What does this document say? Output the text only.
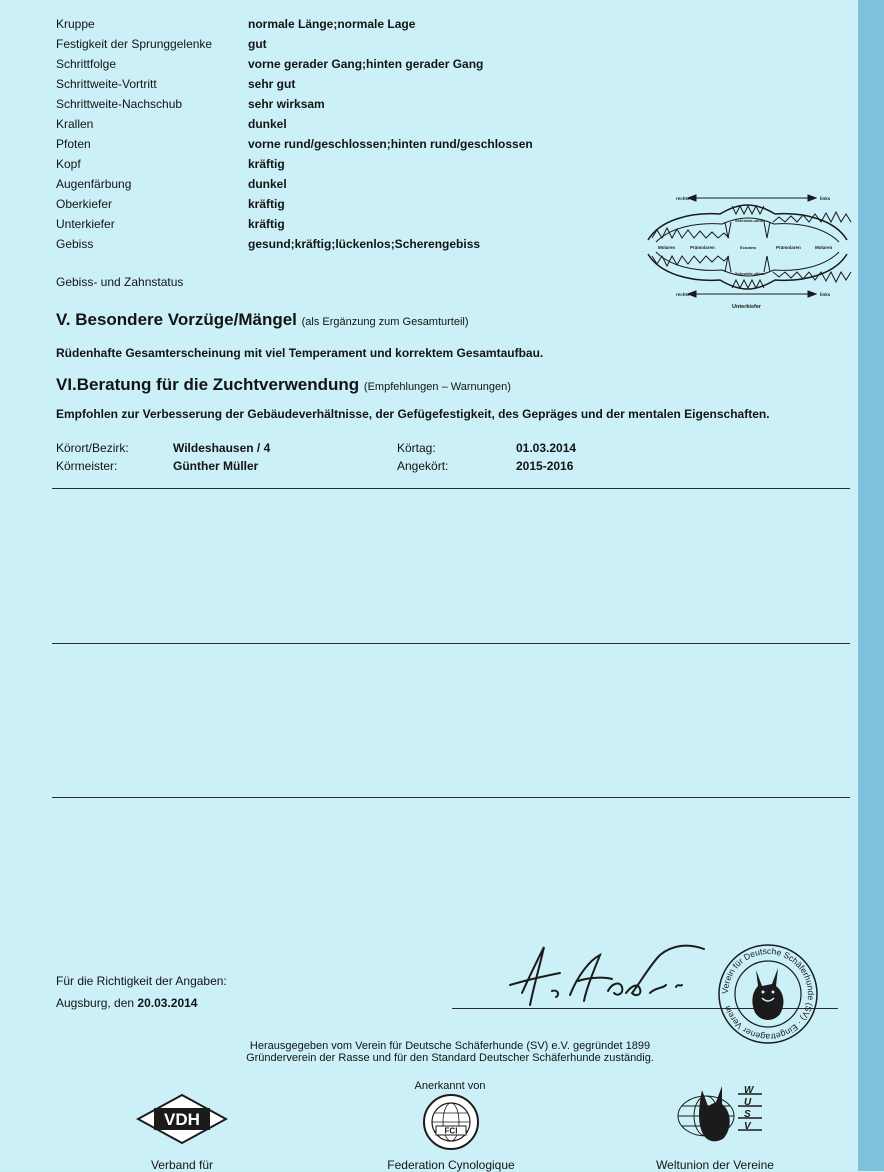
Kruppe	normale Länge;normale Lage
Festigkeit der Sprunggelenke	gut
Schrittfolge	vorne gerader Gang;hinten gerader Gang
Schrittweite-Vortritt	sehr gut
Schrittweite-Nachschub	sehr wirksam
Krallen	dunkel
Pfoten	vorne rund/geschlossen;hinten rund/geschlossen
Kopf	kräftig
Augenfärbung	dunkel
Oberkiefer	kräftig
Unterkiefer	kräftig
Gebiss	gesund;kräftig;lückenlos;Scherengebiss
Gebiss- und Zahnstatus
rechts	links
rechts	links
Molaren	Prämolaren	Prämolaren	Molaren
Schneide-zähne
Schneide-zähne
Eckzahn
Unterkiefer
V. Besondere Vorzüge/Mängel (als Ergänzung zum Gesamturteil)
Rüdenhafte Gesamterscheinung mit viel Temperament und korrektem Gesamtaufbau.
VI.Beratung für die Zuchtverwendung (Empfehlungen – Warnungen)
Empfohlen zur Verbesserung der Gebäudeverhältnisse, der Gefügefestigkeit, des Gepräges und der mentalen Eigenschaften.
Körort/Bezirk:	Wildeshausen / 4	Körtag:	01.03.2014
Körmeister:	Günther Müller	Angekört:	2015-2016
Für die Richtigkeit der Angaben:
Augsburg, den 20.03.2014
Verein für Deutsche Schäferhunde (SV) · Eingetragener Verein
Herausgegeben vom Verein für Deutsche Schäferhunde (SV) e.V. gegründet 1899
Gründerverein der Rasse und für den Standard Deutscher Schäferhunde zuständig.
Anerkannt von
VDH
FCI
W
U
S
V
Verband für	Federation Cynologique	Weltunion der Vereine
